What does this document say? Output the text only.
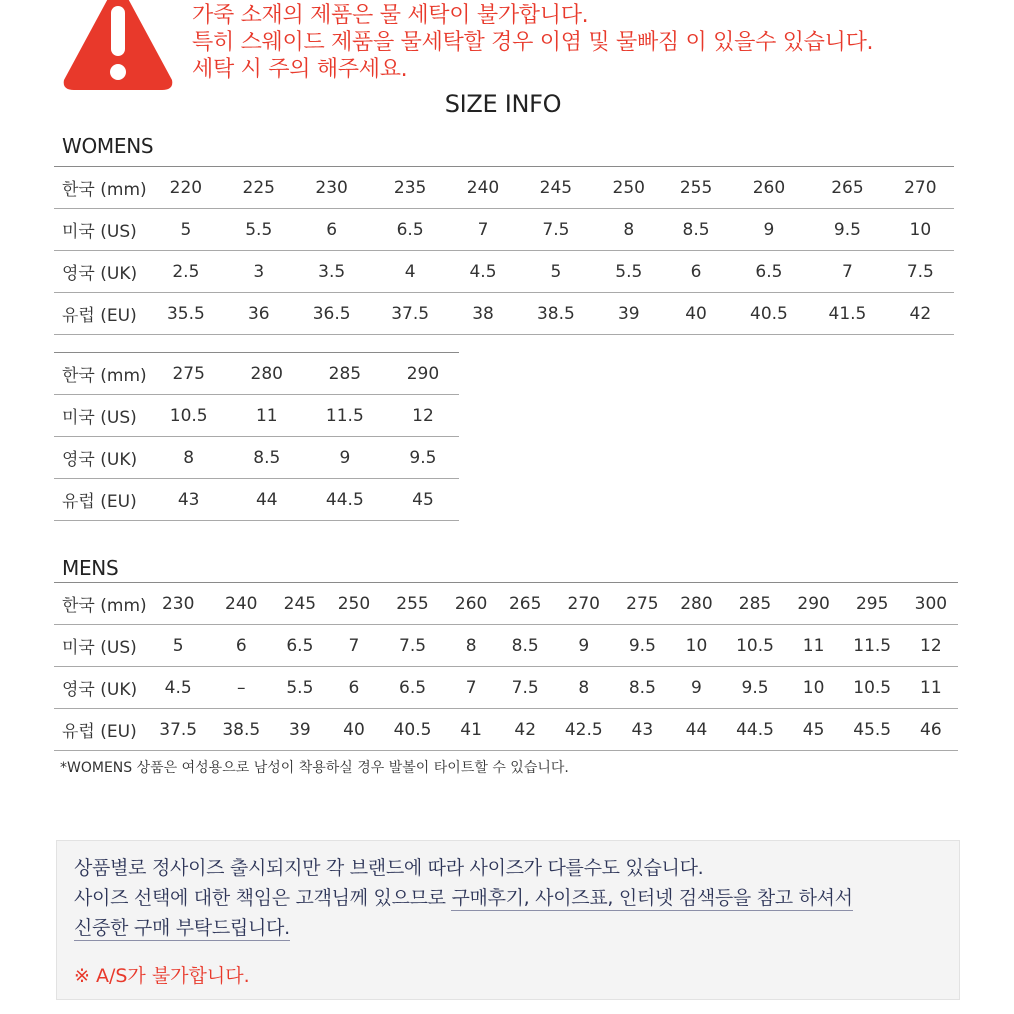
가죽 소재의 제품은 물 세탁이 불가합니다.
특히 스웨이드 제품을 물세탁할 경우 이염 및 물빠짐 이 있을수 있습니다.
세탁 시 주의 해주세요.
SIZE INFO
WOMENS
한국 (mm)	220	225	230	235	240	245	250	255	260	265	270
미국 (US)	5	5.5	6	6.5	7	7.5	8	8.5	9	9.5	10
영국 (UK)	2.5	3	3.5	4	4.5	5	5.5	6	6.5	7	7.5
유럽 (EU)	35.5	36	36.5	37.5	38	38.5	39	40	40.5	41.5	42
한국 (mm)	275	280	285	290
미국 (US)	10.5	11	11.5	12
영국 (UK)	8	8.5	9	9.5
유럽 (EU)	43	44	44.5	45
MENS
한국 (mm)	230	240	245	250	255	260	265	270	275	280	285	290	295	300
미국 (US)	5	6	6.5	7	7.5	8	8.5	9	9.5	10	10.5	11	11.5	12
영국 (UK)	4.5	–	5.5	6	6.5	7	7.5	8	8.5	9	9.5	10	10.5	11
유럽 (EU)	37.5	38.5	39	40	40.5	41	42	42.5	43	44	44.5	45	45.5	46
*WOMENS 상품은 여성용으로 남성이 착용하실 경우 발볼이 타이트할 수 있습니다.
상품별로 정사이즈 출시되지만 각 브랜드에 따라 사이즈가 다를수도 있습니다.
사이즈 선택에 대한 책임은 고객님께 있으므로 구매후기, 사이즈표, 인터넷 검색등을 참고 하셔서
신중한 구매 부탁드립니다.
※ A/S가 불가합니다.
